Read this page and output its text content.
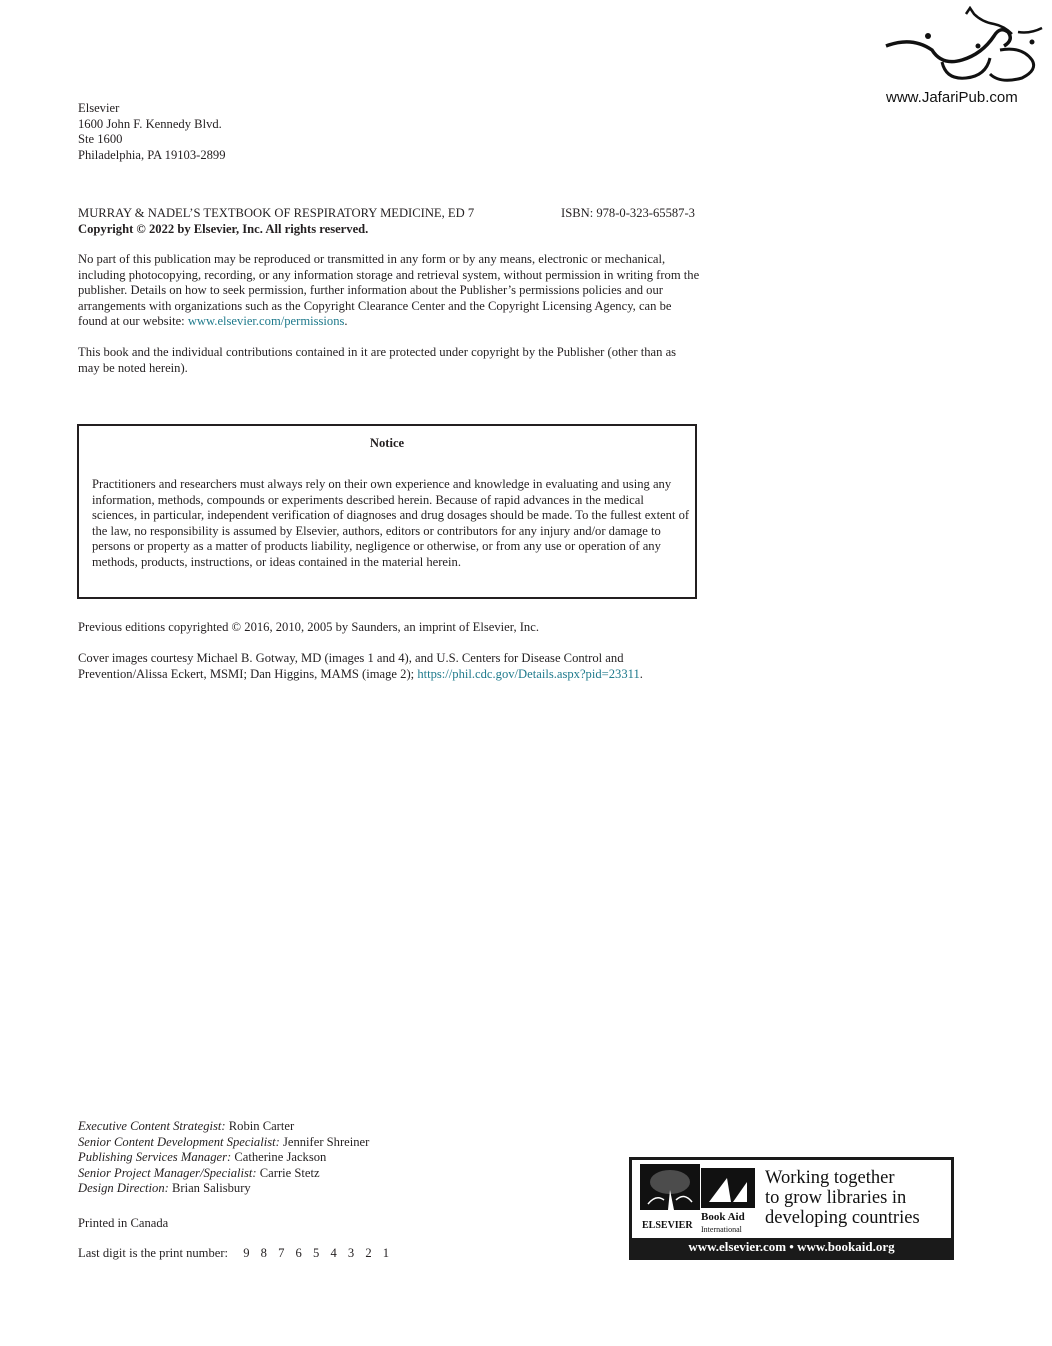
www.JafariPub.com

Elsevier

1600 John F. Kennedy Blvd.

Ste 1600

Philadelphia, PA 19103-2899

MURRAY & NADEL’S TEXTBOOK OF RESPIRATORY MEDICINE, ED 7	ISBN: 978-0-323-65587-3
Copyright © 2022 by Elsevier, Inc. All rights reserved.
No part of this publication may be reproduced or transmitted in any form or by any means, electronic or mechanical, including photocopying, recording, or any information storage and retrieval system, without permission in writing from the publisher. Details on how to seek permission, further information about the Publisher’s permissions policies and our arrangements with organizations such as the Copyright Clearance Center and the Copyright Licensing Agency, can be found at our website: www.elsevier.com/permissions.
This book and the individual contributions contained in it are protected under copyright by the Publisher (other than as may be noted herein).
Notice
Practitioners and researchers must always rely on their own experience and knowledge in evaluating and using any information, methods, compounds or experiments described herein. Because of rapid advances in the medical sciences, in particular, independent verification of diagnoses and drug dosages should be made. To the fullest extent of the law, no responsibility is assumed by Elsevier, authors, editors or contributors for any injury and/or damage to persons or property as a matter of products liability, negligence or otherwise, or from any use or operation of any methods, products, instructions, or ideas contained in the material herein.
Previous editions copyrighted © 2016, 2010, 2005 by Saunders, an imprint of Elsevier, Inc.
Cover images courtesy Michael B. Gotway, MD (images 1 and 4), and U.S. Centers for Disease Control and Prevention/Alissa Eckert, MSMI; Dan Higgins, MAMS (image 2); https://phil.cdc.gov/Details.aspx?pid=23311.

Executive Content Strategist: Robin Carter

Senior Content Development Specialist: Jennifer Shreiner

Publishing Services Manager: Catherine Jackson

Senior Project Manager/Specialist: Carrie Stetz

Design Direction: Brian Salisbury

Printed in Canada
Last digit is the print number: 9 8 7 6 5 4 3 2 1
ELSEVIER
Book Aid
International
Working together
to grow libraries in
developing countries
www.elsevier.com • www.bookaid.org
